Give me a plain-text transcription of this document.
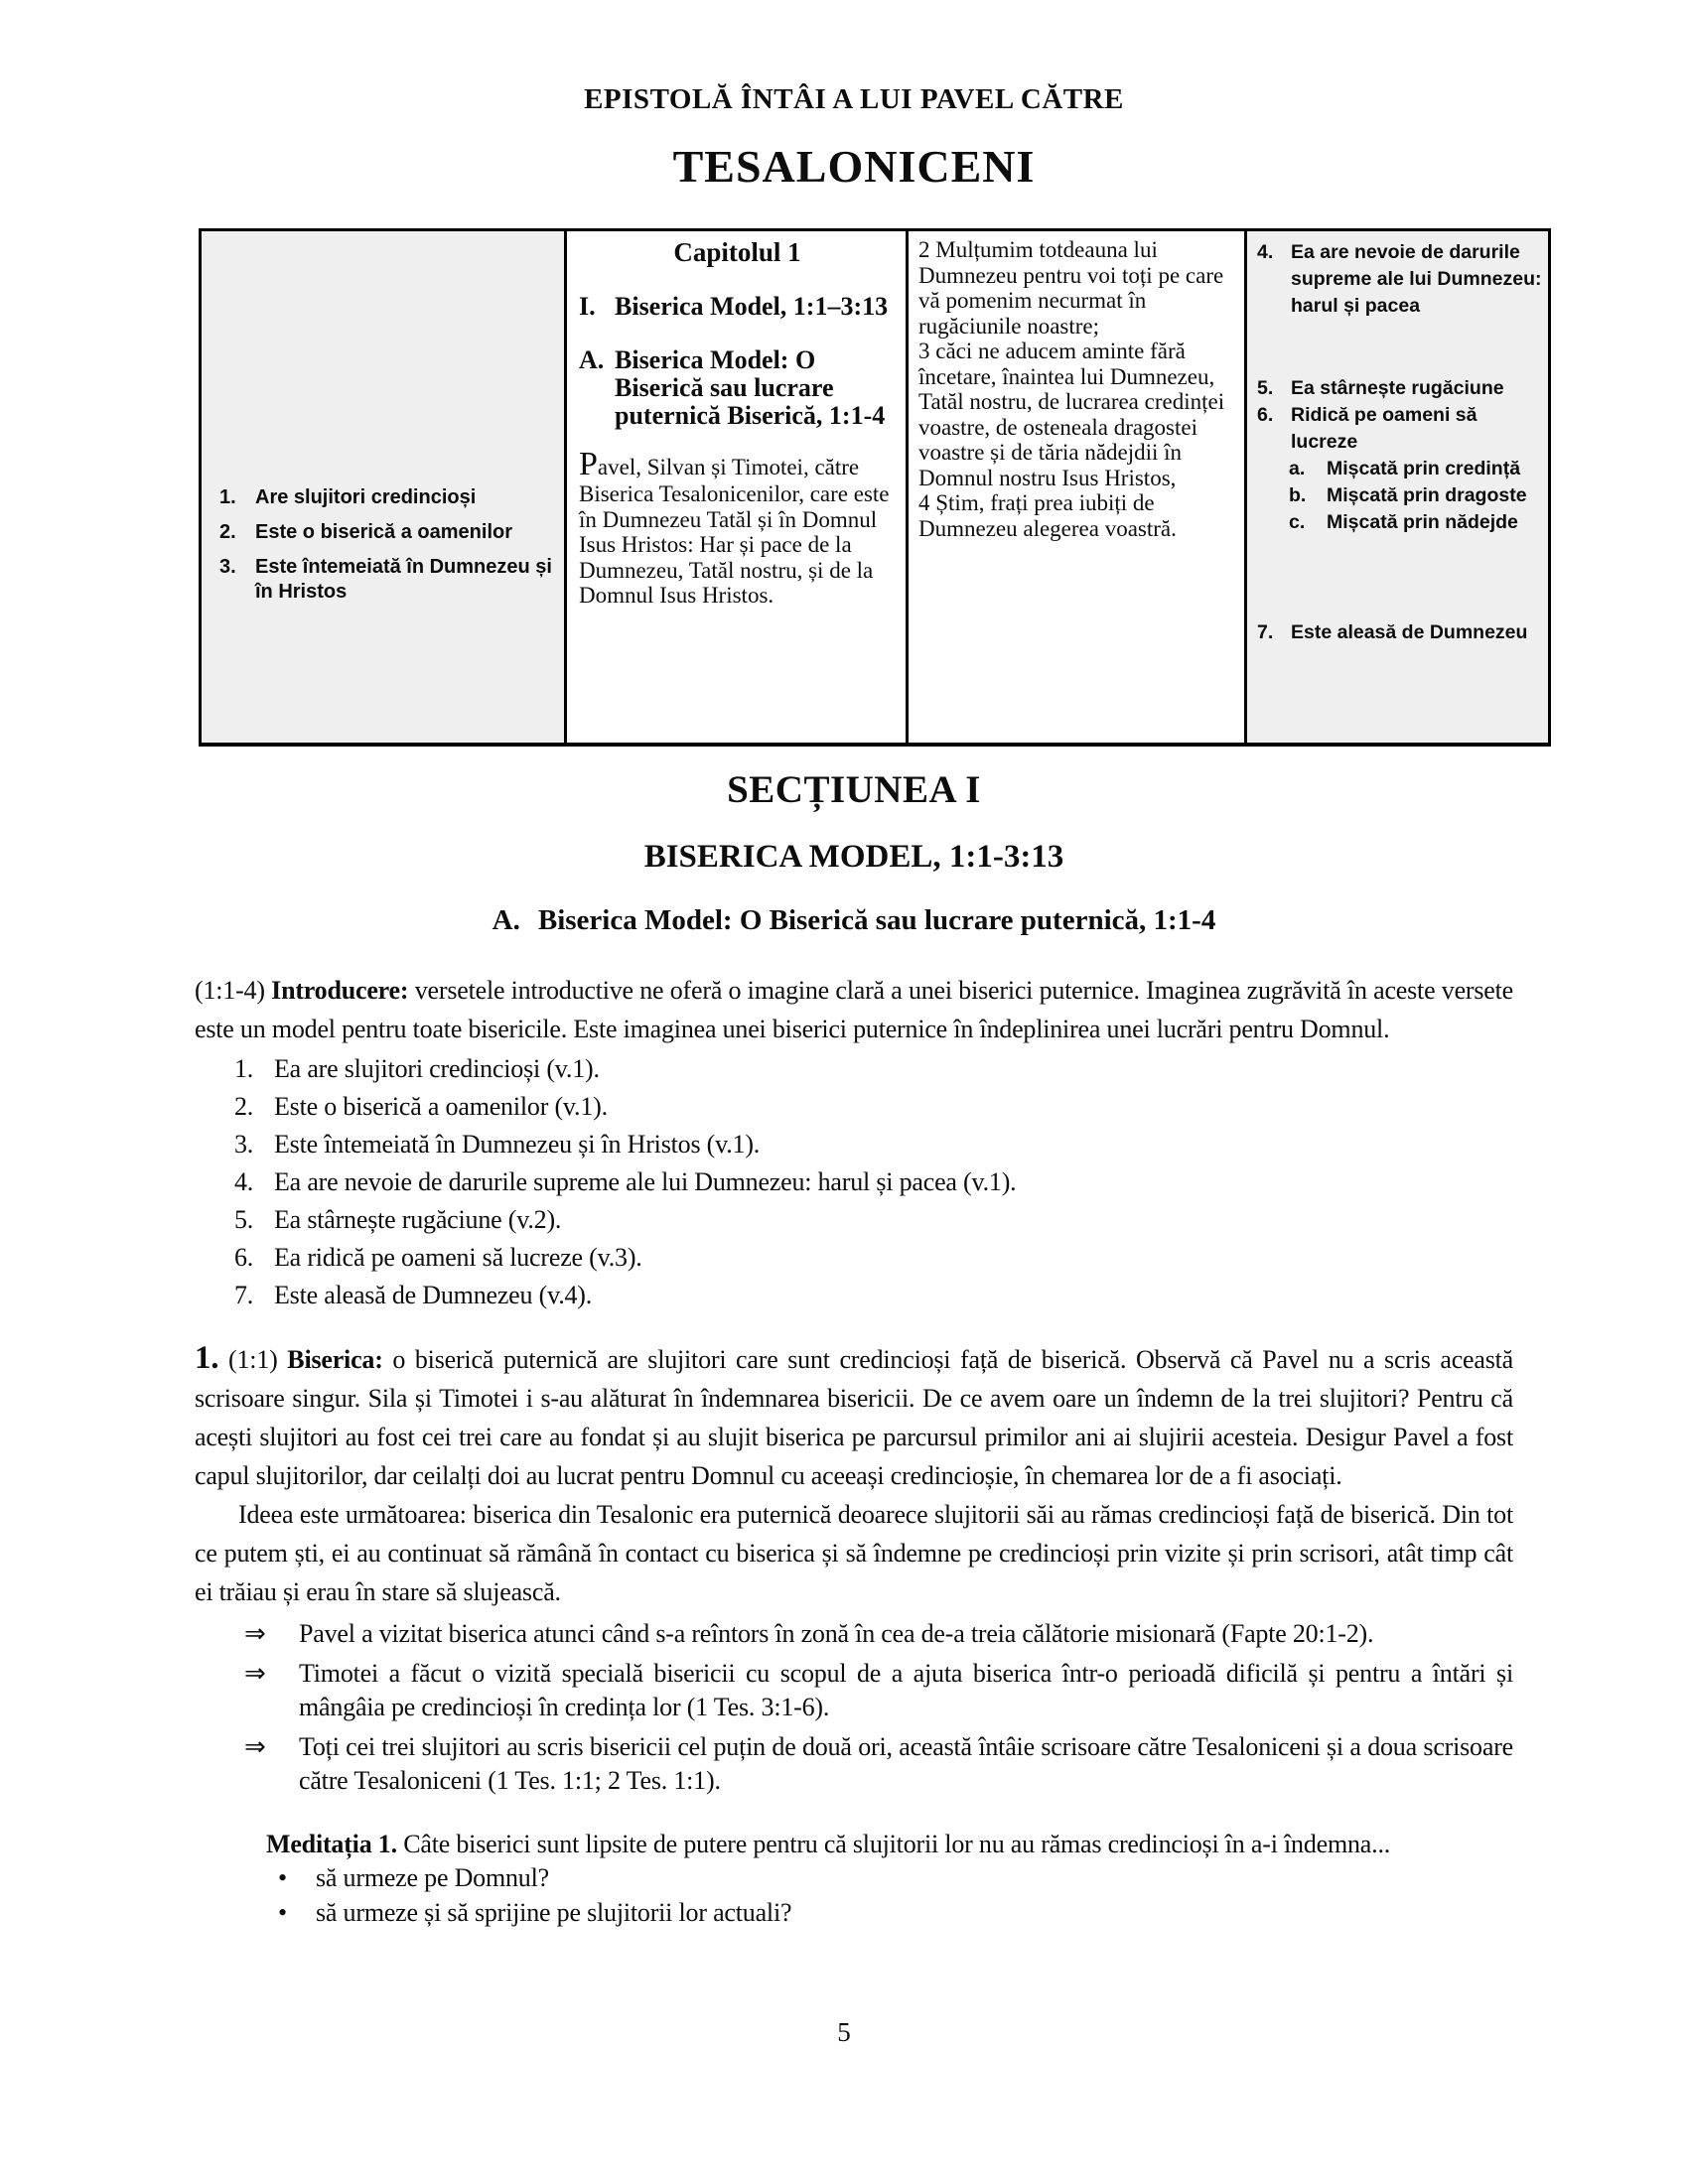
EPISTOLĂ ÎNTÂI A LUI PAVEL CĂTRE
TESALONICENI
1. Are slujitori credincioși
2. Este o biserică a oamenilor
3. Este întemeiată în Dumnezeu și în Hristos
Capitolul 1
I. Biserica Model, 1:1–3:13
A. Biserica Model: O Biserică sau lucrare puternică Biserică, 1:1-4
Pavel, Silvan și Timotei, către Biserica Tesalonicenilor, care este în Dumnezeu Tatăl și în Domnul Isus Hristos: Har și pace de la Dumnezeu, Tatăl nostru, și de la Domnul Isus Hristos.

2 Mulțumim totdeauna lui Dumnezeu pentru voi toți pe care vă pomenim necurmat în rugăciunile noastre;

3 căci ne aducem aminte fără încetare, înaintea lui Dumnezeu, Tatăl nostru, de lucrarea credinței voastre, de osteneala dragostei voastre și de tăria nădejdii în Domnul nostru Isus Hristos,

4 Știm, frați prea iubiți de Dumnezeu alegerea voastră.

4. Ea are nevoie de darurile supreme ale lui Dumnezeu: harul și pacea
5. Ea stârnește rugăciune
6. Ridică pe oameni să lucreze
a. Mișcată prin credință
b. Mișcată prin dragoste
c. Mișcată prin nădejde
7. Este aleasă de Dumnezeu
SECȚIUNEA I
BISERICA MODEL, 1:1-3:13
A. Biserica Model: O Biserică sau lucrare puternică, 1:1-4
(1:1-4) Introducere: versetele introductive ne oferă o imagine clară a unei biserici puternice. Imaginea zugrăvită în aceste versete este un model pentru toate bisericile. Este imaginea unei biserici puternice în îndeplinirea unei lucrări pentru Domnul.
1. Ea are slujitori credincioși (v.1).
2. Este o biserică a oamenilor (v.1).
3. Este întemeiată în Dumnezeu și în Hristos (v.1).
4. Ea are nevoie de darurile supreme ale lui Dumnezeu: harul și pacea (v.1).
5. Ea stârnește rugăciune (v.2).
6. Ea ridică pe oameni să lucreze (v.3).
7. Este aleasă de Dumnezeu (v.4).
1. (1:1) Biserica: o biserică puternică are slujitori care sunt credincioși față de biserică. Observă că Pavel nu a scris această scrisoare singur. Sila și Timotei i s-au alăturat în îndemnarea bisericii. De ce avem oare un îndemn de la trei slujitori? Pentru că acești slujitori au fost cei trei care au fondat și au slujit biserica pe parcursul primilor ani ai slujirii acesteia. Desigur Pavel a fost capul slujitorilor, dar ceilalți doi au lucrat pentru Domnul cu aceeași credincioșie, în chemarea lor de a fi asociați.
Ideea este următoarea: biserica din Tesalonic era puternică deoarece slujitorii săi au rămas credincioși față de biserică. Din tot ce putem ști, ei au continuat să rămână în contact cu biserica și să îndemne pe credincioși prin vizite și prin scrisori, atât timp cât ei trăiau și erau în stare să slujească.
⇒ Pavel a vizitat biserica atunci când s-a reîntors în zonă în cea de-a treia călătorie misionară (Fapte 20:1-2).
⇒ Timotei a făcut o vizită specială bisericii cu scopul de a ajuta biserica într-o perioadă dificilă și pentru a întări și mângâia pe credincioși în credința lor (1 Tes. 3:1-6).
⇒ Toți cei trei slujitori au scris bisericii cel puțin de două ori, această întâie scrisoare către Tesaloniceni și a doua scrisoare către Tesaloniceni (1 Tes. 1:1; 2 Tes. 1:1).
Meditația 1. Câte biserici sunt lipsite de putere pentru că slujitorii lor nu au rămas credincioși în a-i îndemna...
• să urmeze pe Domnul?
• să urmeze și să sprijine pe slujitorii lor actuali?
5
